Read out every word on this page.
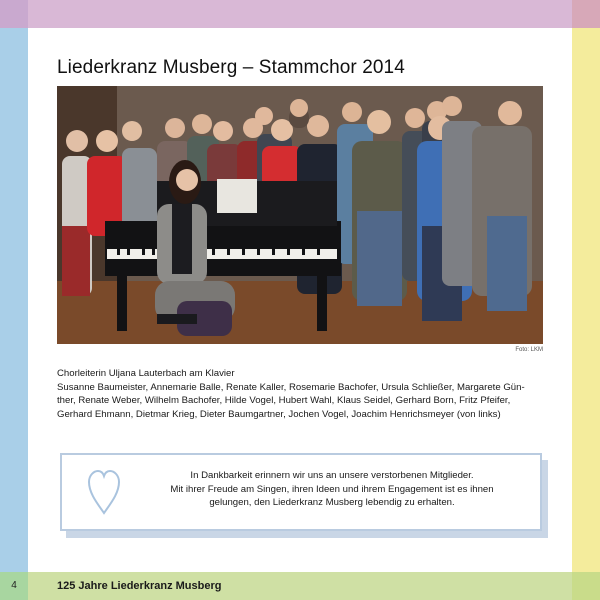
Liederkranz Musberg – Stammchor 2014
Foto: LKM

Chorleiterin Uljana Lauterbach am Klavier

Susanne Baumeister, Annemarie Balle, Renate Kaller, Rosemarie Bachofer, Ursula Schließer, Margarete Gün-

ther, Renate Weber, Wilhelm Bachofer, Hilde Vogel, Hubert Wahl, Klaus Seidel, Gerhard Born, Fritz Pfeifer,

Gerhard Ehmann, Dietmar Krieg, Dieter Baumgartner, Jochen Vogel, Joachim Henrichsmeyer (von links)

In Dankbarkeit erinnern wir uns an unsere verstorbenen Mitglieder.

Mit ihrer Freude am Singen, ihren Ideen und ihrem Engagement ist es ihnen

gelungen, den Liederkranz Musberg lebendig zu erhalten.

4	125 Jahre Liederkranz Musberg
